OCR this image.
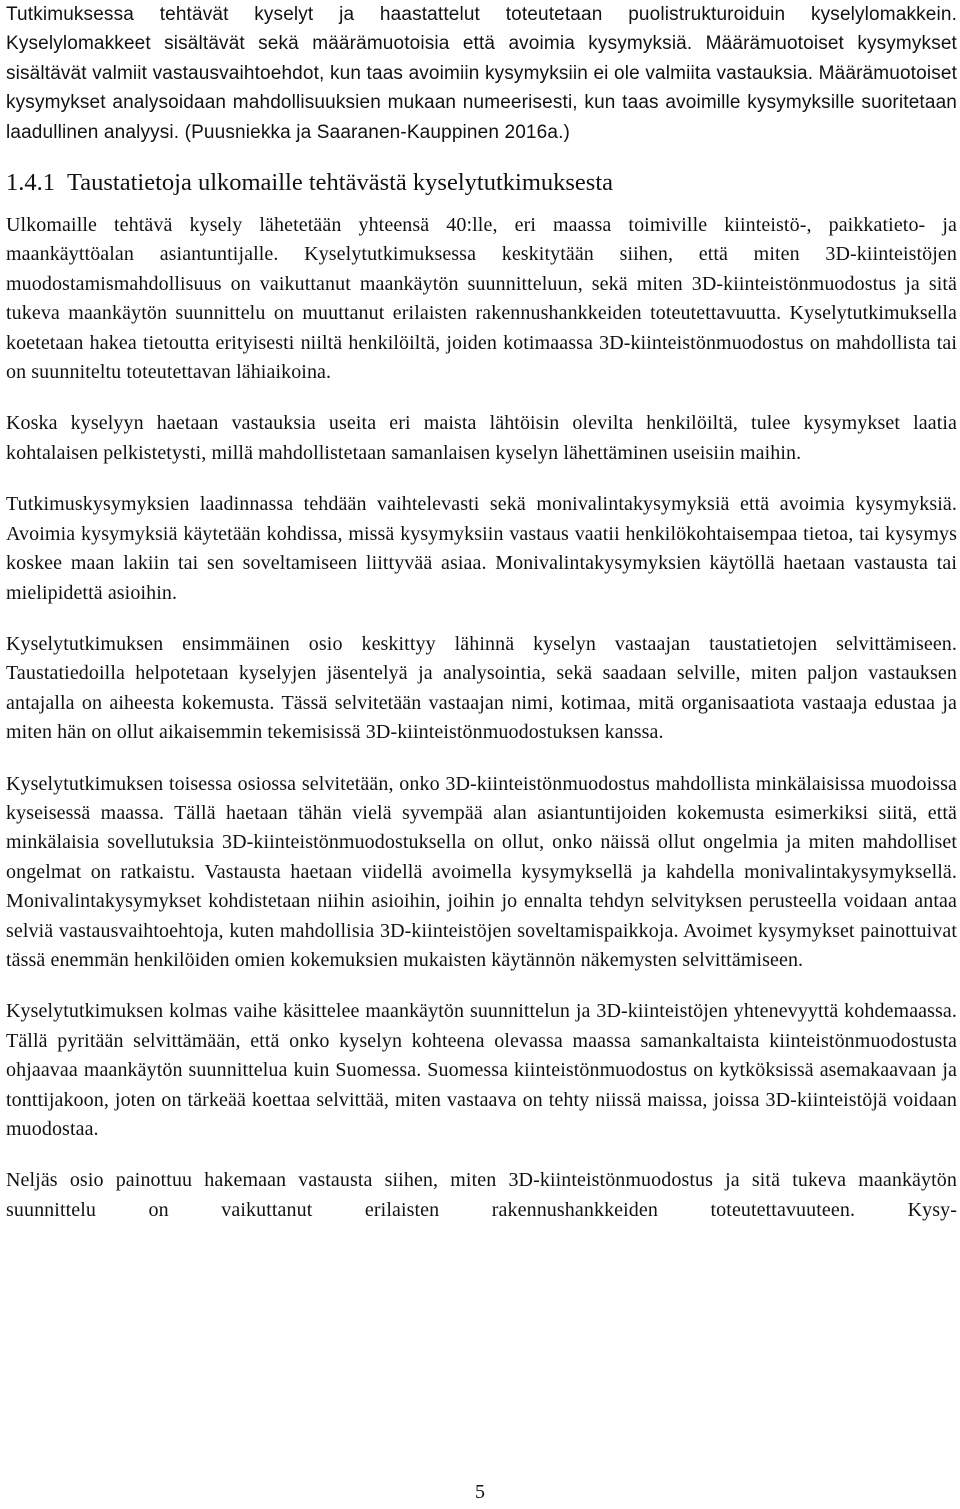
Tutkimuksessa tehtävät kyselyt ja haastattelut toteutetaan puolistrukturoiduin kyselylomakkein. Kyselylomakkeet sisältävät sekä määrämuotoisia että avoimia kysymyksiä. Määrämuotoiset kysymykset sisältävät valmiit vastausvaihtoehdot, kun taas avoimiin kysymyksiin ei ole valmiita vastauksia. Määrämuotoiset kysymykset analysoidaan mahdollisuuksien mukaan numeerisesti, kun taas avoimille kysymyksille suoritetaan laadullinen analyysi. (Puusniekka ja Saaranen-Kauppinen 2016a.)

1.4.1 Taustatietoja ulkomaille tehtävästä kyselytutkimuksesta

Ulkomaille tehtävä kysely lähetetään yhteensä 40:lle, eri maassa toimiville kiinteistö-, paikkatieto- ja maankäyttöalan asiantuntijalle. Kyselytutkimuksessa keskitytään siihen, että miten 3D-kiinteistöjen muodostamismahdollisuus on vaikuttanut maankäytön suunnitteluun, sekä miten 3D-kiinteistönmuodostus ja sitä tukeva maankäytön suunnittelu on muuttanut erilaisten rakennushankkeiden toteutettavuutta. Kyselytutkimuksella koetetaan hakea tietoutta erityisesti niiltä henkilöiltä, joiden kotimaassa 3D-kiinteistönmuodostus on mahdollista tai on suunniteltu toteutettavan lähiaikoina.

Koska kyselyyn haetaan vastauksia useita eri maista lähtöisin olevilta henkilöiltä, tulee kysymykset laatia kohtalaisen pelkistetysti, millä mahdollistetaan samanlaisen kyselyn lähettäminen useisiin maihin.

Tutkimuskysymyksien laadinnassa tehdään vaihtelevasti sekä monivalintakysymyksiä että avoimia kysymyksiä. Avoimia kysymyksiä käytetään kohdissa, missä kysymyksiin vastaus vaatii henkilökohtaisempaa tietoa, tai kysymys koskee maan lakiin tai sen soveltamiseen liittyvää asiaa. Monivalintakysymyksien käytöllä haetaan vastausta tai mielipidettä asioihin.

Kyselytutkimuksen ensimmäinen osio keskittyy lähinnä kyselyn vastaajan taustatietojen selvittämiseen. Taustatiedoilla helpotetaan kyselyjen jäsentelyä ja analysointia, sekä saadaan selville, miten paljon vastauksen antajalla on aiheesta kokemusta. Tässä selvitetään vastaajan nimi, kotimaa, mitä organisaatiota vastaaja edustaa ja miten hän on ollut aikaisemmin tekemisissä 3D-kiinteistönmuodostuksen kanssa.

Kyselytutkimuksen toisessa osiossa selvitetään, onko 3D-kiinteistönmuodostus mahdollista minkälaisissa muodoissa kyseisessä maassa. Tällä haetaan tähän vielä syvempää alan asiantuntijoiden kokemusta esimerkiksi siitä, että minkälaisia sovellutuksia 3D-kiinteistönmuodostuksella on ollut, onko näissä ollut ongelmia ja miten mahdolliset ongelmat on ratkaistu. Vastausta haetaan viidellä avoimella kysymyksellä ja kahdella monivalintakysymyksellä. Monivalintakysymykset kohdistetaan niihin asioihin, joihin jo ennalta tehdyn selvityksen perusteella voidaan antaa selviä vastausvaihtoehtoja, kuten mahdollisia 3D-kiinteistöjen soveltamispaikkoja. Avoimet kysymykset painottuivat tässä enemmän henkilöiden omien kokemuksien mukaisten käytännön näkemysten selvittämiseen.

Kyselytutkimuksen kolmas vaihe käsittelee maankäytön suunnittelun ja 3D-kiinteistöjen yhtenevyyttä kohdemaassa. Tällä pyritään selvittämään, että onko kyselyn kohteena olevassa maassa samankaltaista kiinteistönmuodostusta ohjaavaa maankäytön suunnittelua kuin Suomessa. Suomessa kiinteistönmuodostus on kytköksissä asemakaavaan ja tonttijakoon, joten on tärkeää koettaa selvittää, miten vastaava on tehty niissä maissa, joissa 3D-kiinteistöjä voidaan muodostaa.

Neljäs osio painottuu hakemaan vastausta siihen, miten 3D-kiinteistönmuodostus ja sitä tukeva maankäytön suunnittelu on vaikuttanut erilaisten rakennushankkeiden toteutettavuuteen. Kysy-

5
